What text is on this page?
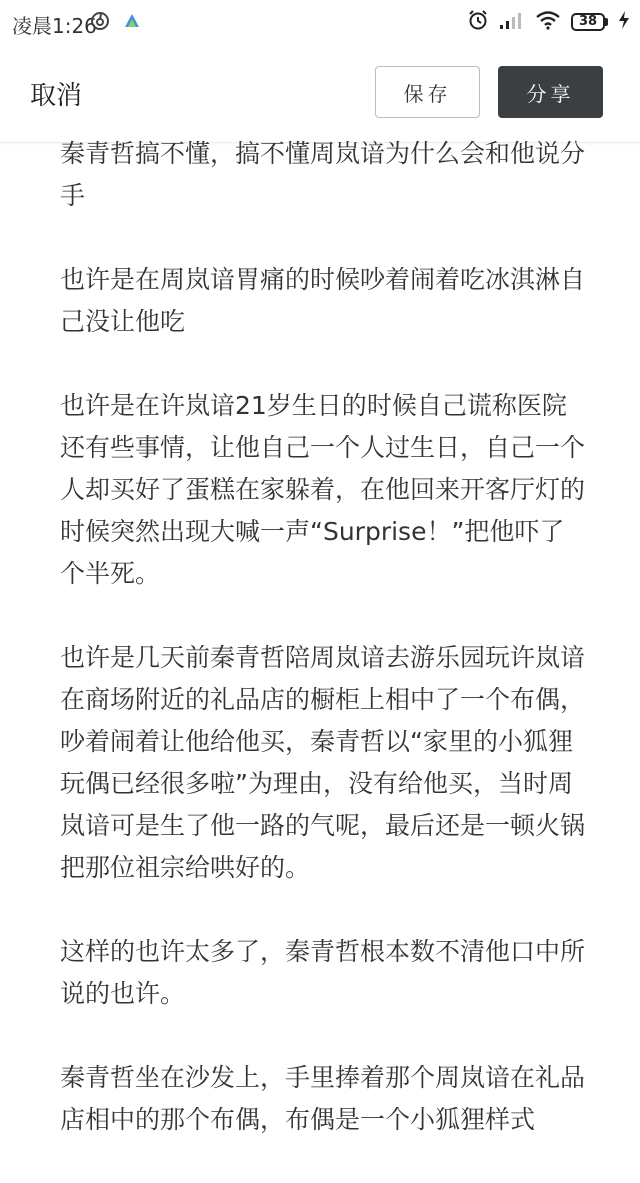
凌晨1:26	38
取消	保存	分享

秦青哲搞不懂，搞不懂周岚谙为什么会和他说分手

也许是在周岚谙胃痛的时候吵着闹着吃冰淇淋自己没让他吃

也许是在许岚谙21岁生日的时候自己谎称医院还有些事情，让他自己一个人过生日，自己一个人却买好了蛋糕在家躲着，在他回来开客厅灯的时候突然出现大喊一声“Surprise！”把他吓了个半死。

也许是几天前秦青哲陪周岚谙去游乐园玩许岚谙在商场附近的礼品店的橱柜上相中了一个布偶，吵着闹着让他给他买，秦青哲以“家里的小狐狸玩偶已经很多啦”为理由，没有给他买，当时周岚谙可是生了他一路的气呢，最后还是一顿火锅把那位祖宗给哄好的。

这样的也许太多了，秦青哲根本数不清他口中所说的也许。

秦青哲坐在沙发上，手里捧着那个周岚谙在礼品店相中的那个布偶，布偶是一个小狐狸样式
